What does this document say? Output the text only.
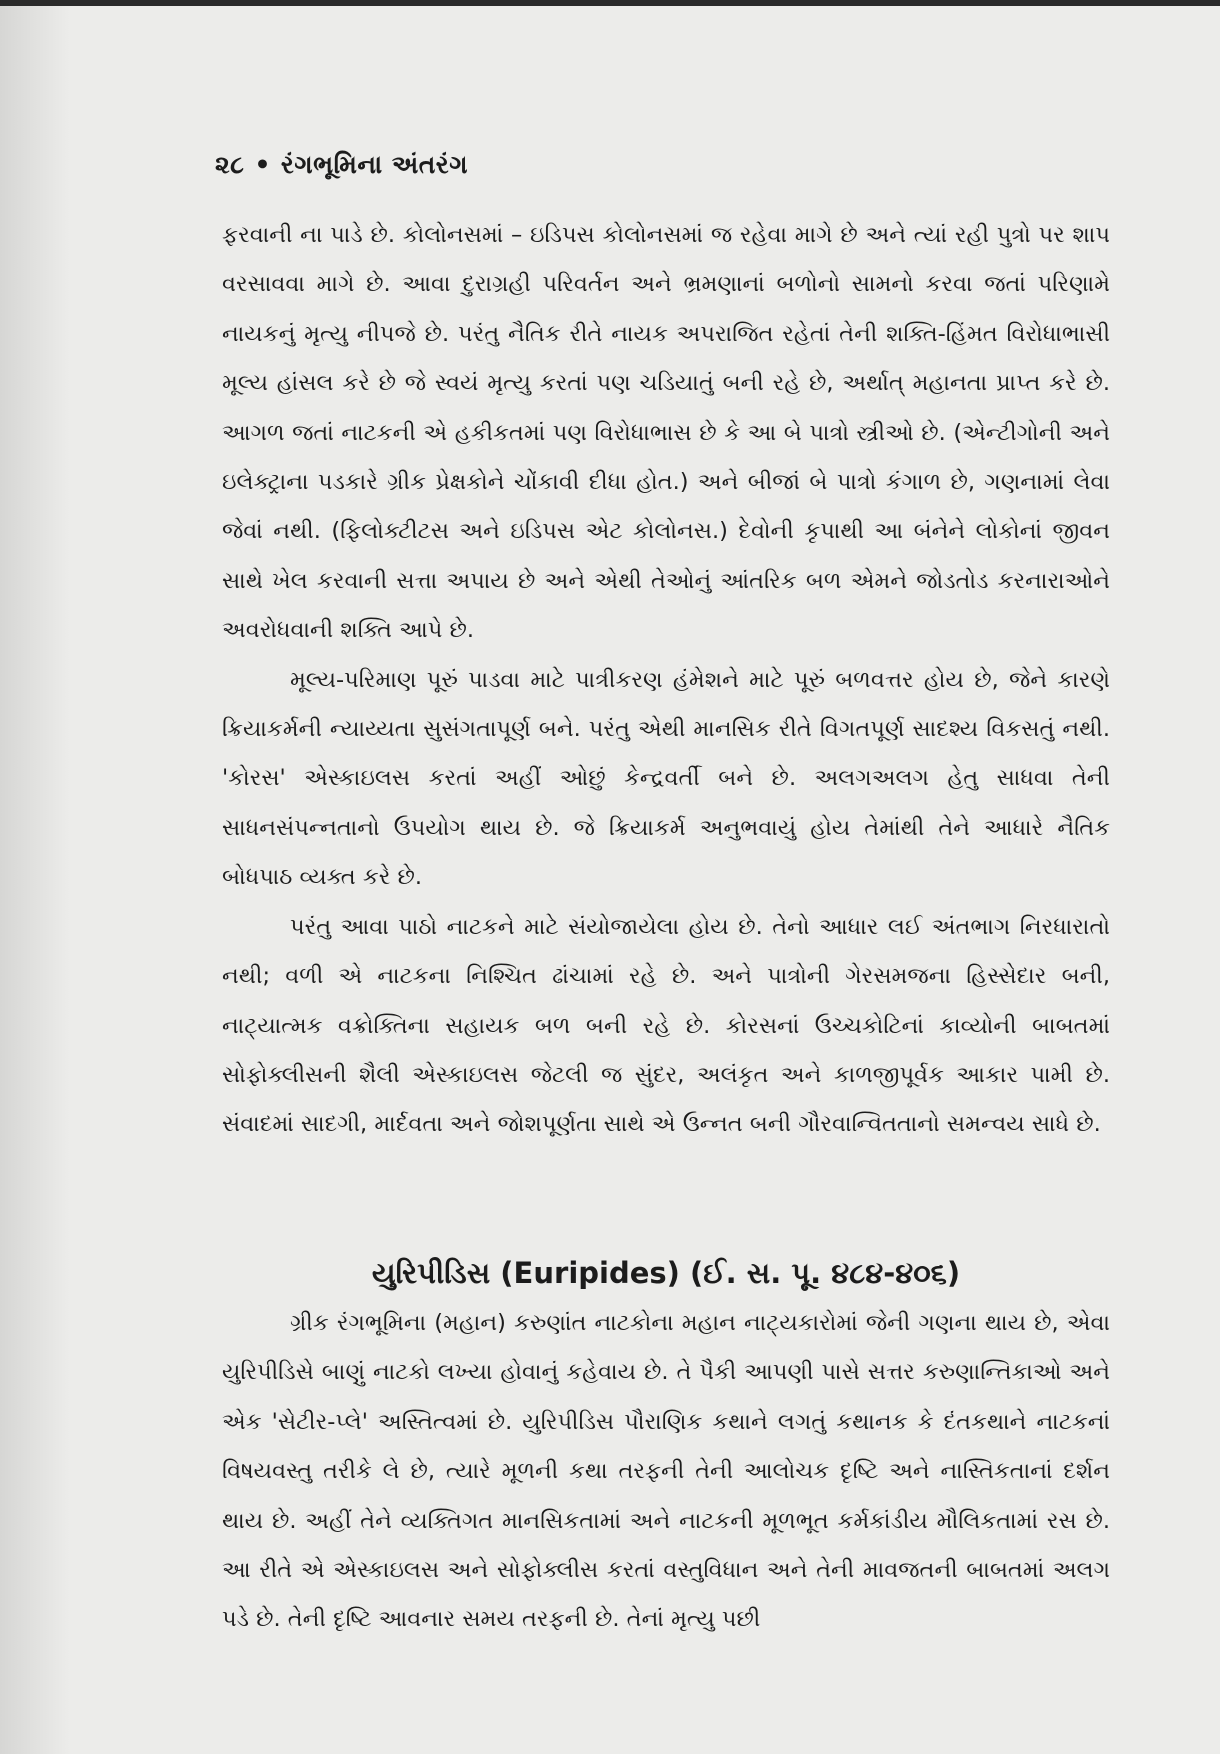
૨૮ • રંગભૂમિના અંતરંગ

ફરવાની ના પાડે છે. કોલોનસમાં – ઇડિપસ કોલોનસમાં જ રહેવા માગે છે અને ત્યાં રહી પુત્રો પર શાપ વરસાવવા માગે છે. આવા દુરાગ્રહી પરિવર્તન અને ભ્રમણાનાં બળોનો સામનો કરવા જતાં પરિણામે નાયકનું મૃત્યુ નીપજે છે. પરંતુ નૈતિક રીતે નાયક અપરાજિત રહેતાં તેની શક્તિ-હિંમત વિરોધાભાસી મૂલ્ય હાંસલ કરે છે જે સ્વયં મૃત્યુ કરતાં પણ ચડિયાતું બની રહે છે, અર્થાત્ મહાનતા પ્રાપ્ત કરે છે. આગળ જતાં નાટકની એ હકીકતમાં પણ વિરોધાભાસ છે કે આ બે પાત્રો સ્ત્રીઓ છે. (એન્ટીગોની અને ઇલેક્ટ્રાના પડકારે ગ્રીક પ્રેક્ષકોને ચોંકાવી દીધા હોત.) અને બીજાં બે પાત્રો કંગાળ છે, ગણનામાં લેવા જેવાં નથી. (ફિલોક્ટીટસ અને ઇડિપસ એટ કોલોનસ.) દેવોની કૃપાથી આ બંનેને લોકોનાં જીવન સાથે ખેલ કરવાની સત્તા અપાય છે અને એથી તેઓનું આંતરિક બળ એમને જોડતોડ કરનારાઓને અવરોધવાની શક્તિ આપે છે.

મૂલ્ય-પરિમાણ પૂરું પાડવા માટે પાત્રીકરણ હંમેશને માટે પૂરું બળવત્તર હોય છે, જેને કારણે ક્રિયાકર્મની ન્યાય્યતા સુસંગતાપૂર્ણ બને. પરંતુ એથી માનસિક રીતે વિગતપૂર્ણ સાદશ્ય વિકસતું નથી. 'કોરસ' એસ્કાઇલસ કરતાં અહીં ઓછું કેન્દ્રવર્તી બને છે. અલગઅલગ હેતુ સાધવા તેની સાધનસંપન્નતાનો ઉપયોગ થાય છે. જે ક્રિયાકર્મ અનુભવાયું હોય તેમાંથી તેને આધારે નૈતિક બોધપાઠ વ્યક્ત કરે છે.

પરંતુ આવા પાઠો નાટકને માટે સંયોજાયેલા હોય છે. તેનો આધાર લઈ અંતભાગ નિરધારાતો નથી; વળી એ નાટકના નિશ્ચિત ઢાંચામાં રહે છે. અને પાત્રોની ગેરસમજના હિસ્સેદાર બની, નાટ્યાત્મક વક્રોક્તિના સહાયક બળ બની રહે છે. કોરસનાં ઉચ્ચકોટિનાં કાવ્યોની બાબતમાં સોફોક્લીસની શૈલી એસ્કાઇલસ જેટલી જ સુંદર, અલંકૃત અને કાળજીપૂર્વક આકાર પામી છે. સંવાદમાં સાદગી, માર્દવતા અને જોશપૂર્ણતા સાથે એ ઉન્નત બની ગૌરવાન્વિતતાનો સમન્વય સાધે છે.

યુરિપીડિસ (Euripides) (ઈ. સ. પૂ. ૪૮૪-૪૦૬)

ગ્રીક રંગભૂમિના (મહાન) કરુણાંત નાટકોના મહાન નાટ્યકારોમાં જેની ગણના થાય છે, એવા યુરિપીડિસે બાણું નાટકો લખ્યા હોવાનું કહેવાય છે. તે પૈકી આપણી પાસે સત્તર કરુણાન્તિકાઓ અને એક 'સેટીર-પ્લે' અસ્તિત્વમાં છે. યુરિપીડિસ પૌરાણિક કથાને લગતું કથાનક કે દંતકથાને નાટકનાં વિષયવસ્તુ તરીકે લે છે, ત્યારે મૂળની કથા તરફની તેની આલોચક દૃષ્ટિ અને નાસ્તિકતાનાં દર્શન થાય છે. અહીં તેને વ્યક્તિગત માનસિકતામાં અને નાટકની મૂળભૂત કર્મકાંડીય મૌલિકતામાં રસ છે. આ રીતે એ એસ્કાઇલસ અને સોફોક્લીસ કરતાં વસ્તુવિધાન અને તેની માવજતની બાબતમાં અલગ પડે છે. તેની દૃષ્ટિ આવનાર સમય તરફની છે. તેનાં મૃત્યુ પછી
